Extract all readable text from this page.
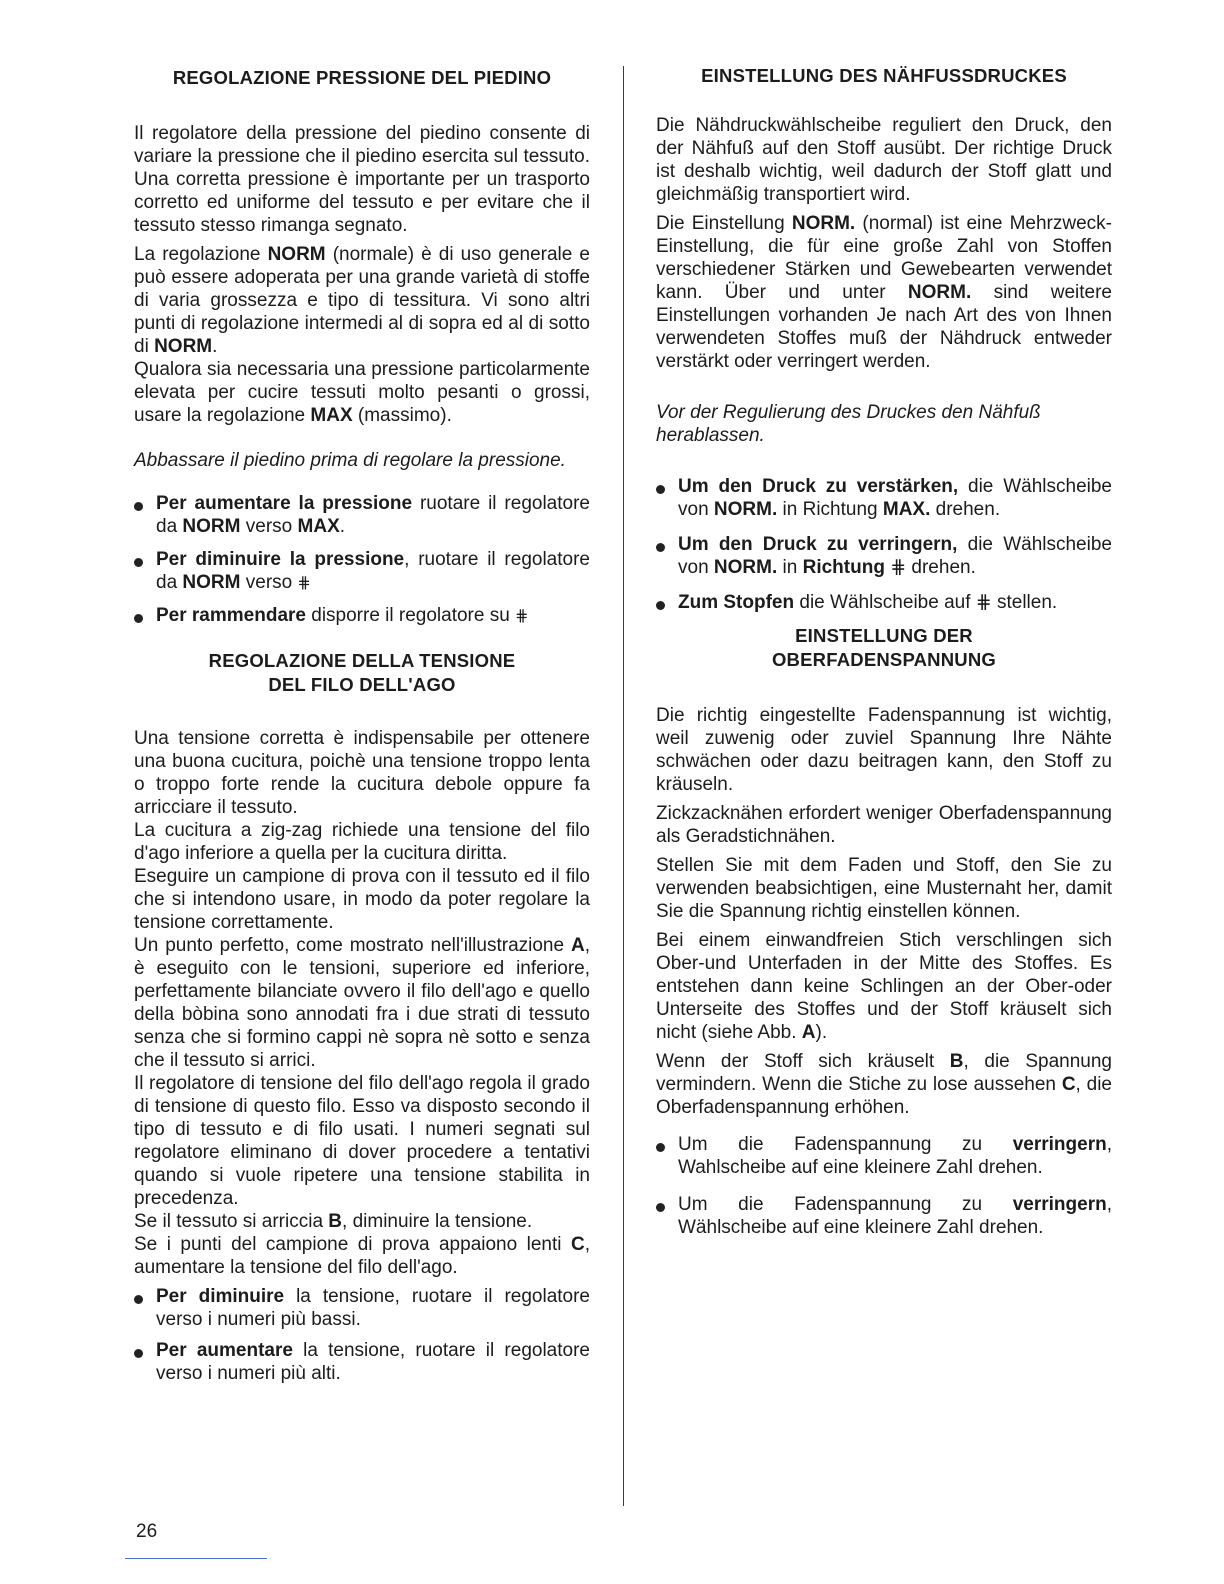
REGOLAZIONE PRESSIONE DEL PIEDINO

Il regolatore della pressione del piedino consente di variare la pressione che il piedino esercita sul tessuto. Una corretta pressione è importante per un trasporto corretto ed uniforme del tessuto e per evitare che il tessuto stesso rimanga segnato.

La regolazione NORM (normale) è di uso generale e può essere adoperata per una grande varietà di stoffe di varia grossezza e tipo di tessitura. Vi sono altri punti di regolazione intermedi al di sopra ed al di sotto di NORM.

Qualora sia necessaria una pressione particolarmente elevata per cucire tessuti molto pesanti o grossi, usare la regolazione MAX (massimo).

Abbassare il piedino prima di regolare la pressione.

Per aumentare la pressione ruotare il regolatore da NORM verso MAX.
Per diminuire la pressione, ruotare il regolatore da NORM verso ⋕
Per rammendare disporre il regolatore su ⋕
REGOLAZIONE DELLA TENSIONE
DEL FILO DELL'AGO

Una tensione corretta è indispensabile per ottenere una buona cucitura, poichè una tensione troppo lenta o troppo forte rende la cucitura debole oppure fa arricciare il tessuto.

La cucitura a zig-zag richiede una tensione del filo d'ago inferiore a quella per la cucitura diritta.

Eseguire un campione di prova con il tessuto ed il filo che si intendono usare, in modo da poter regolare la tensione correttamente.

Un punto perfetto, come mostrato nell'illustrazione A, è eseguito con le tensioni, superiore ed inferiore, perfettamente bilanciate ovvero il filo dell'ago e quello della bòbina sono annodati fra i due strati di tessuto senza che si formino cappi nè sopra nè sotto e senza che il tessuto si arrici.

Il regolatore di tensione del filo dell'ago regola il grado di tensione di questo filo. Esso va disposto secondo il tipo di tessuto e di filo usati. I numeri segnati sul regolatore eliminano di dover procedere a tentativi quando si vuole ripetere una tensione stabilita in precedenza.

Se il tessuto si arriccia B, diminuire la tensione.

Se i punti del campione di prova appaiono lenti C, aumentare la tensione del filo dell'ago.

Per diminuire la tensione, ruotare il regolatore verso i numeri più bassi.
Per aumentare la tensione, ruotare il regolatore verso i numeri più alti.
EINSTELLUNG DES NÄHFUSSDRUCKES

Die Nähdruckwählscheibe reguliert den Druck, den der Nähfuß auf den Stoff ausübt. Der richtige Druck ist deshalb wichtig, weil dadurch der Stoff glatt und gleichmäßig transportiert wird.

Die Einstellung NORM. (normal) ist eine Mehrzweck-Einstellung, die für eine große Zahl von Stoffen verschiedener Stärken und Gewebearten verwendet kann. Über und unter NORM. sind weitere Einstellungen vorhanden Je nach Art des von Ihnen verwendeten Stoffes muß der Nähdruck entweder verstärkt oder verringert werden.

Vor der Regulierung des Druckes den Nähfuß herablassen.

Um den Druck zu verstärken, die Wählscheibe von NORM. in Richtung MAX. drehen.
Um den Druck zu verringern, die Wählscheibe von NORM. in Richtung ⋕ drehen.
Zum Stopfen die Wählscheibe auf ⋕ stellen.
EINSTELLUNG DER
OBERFADENSPANNUNG

Die richtig eingestellte Fadenspannung ist wichtig, weil zuwenig oder zuviel Spannung Ihre Nähte schwächen oder dazu beitragen kann, den Stoff zu kräuseln.

Zickzacknähen erfordert weniger Oberfadenspannung als Geradstichnähen.

Stellen Sie mit dem Faden und Stoff, den Sie zu verwenden beabsichtigen, eine Musternaht her, damit Sie die Spannung richtig einstellen können.

Bei einem einwandfreien Stich verschlingen sich Ober-und Unterfaden in der Mitte des Stoffes. Es entstehen dann keine Schlingen an der Ober-oder Unterseite des Stoffes und der Stoff kräuselt sich nicht (siehe Abb. A).

Wenn der Stoff sich kräuselt B, die Spannung vermindern. Wenn die Stiche zu lose aussehen C, die Oberfadenspannung erhöhen.

Um die Fadenspannung zu verringern, Wahlscheibe auf eine kleinere Zahl drehen.
Um die Fadenspannung zu verringern, Wählscheibe auf eine kleinere Zahl drehen.
26
